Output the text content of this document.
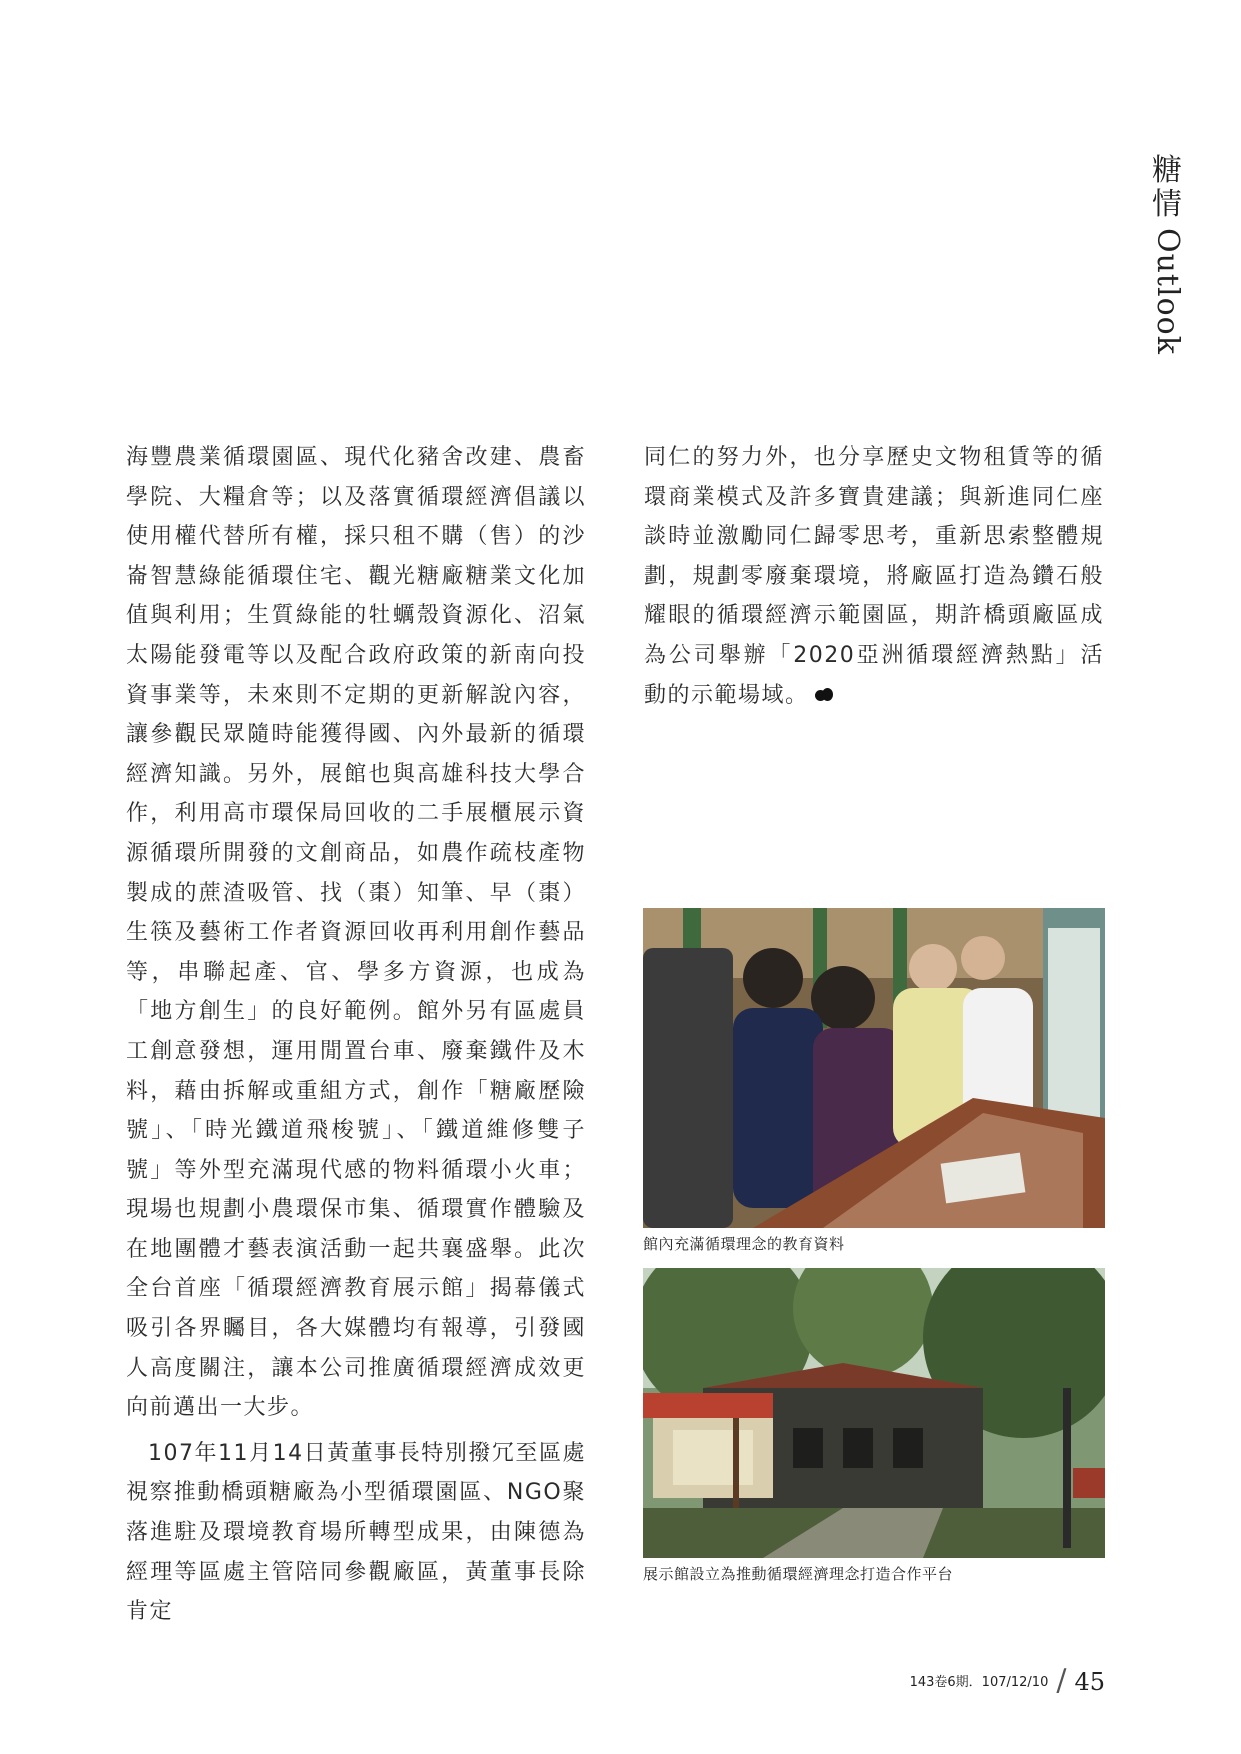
糖情
Outlook

海豐農業循環園區、現代化豬舍改建、農畜學院、大糧倉等；以及落實循環經濟倡議以使用權代替所有權，採只租不購（售）的沙崙智慧綠能循環住宅、觀光糖廠糖業文化加值與利用；生質綠能的牡蠣殼資源化、沼氣太陽能發電等以及配合政府政策的新南向投資事業等，未來則不定期的更新解說內容，讓參觀民眾隨時能獲得國、內外最新的循環經濟知識。另外，展館也與高雄科技大學合作，利用高市環保局回收的二手展櫃展示資源循環所開發的文創商品，如農作疏枝產物製成的蔗渣吸管、找（棗）知筆、早（棗）生筷及藝術工作者資源回收再利用創作藝品等，串聯起產、官、學多方資源，也成為「地方創生」的良好範例。館外另有區處員工創意發想，運用閒置台車、廢棄鐵件及木料，藉由拆解或重組方式，創作「糖廠歷險號」、「時光鐵道飛梭號」、「鐵道維修雙子號」等外型充滿現代感的物料循環小火車；現場也規劃小農環保市集、循環實作體驗及在地團體才藝表演活動一起共襄盛舉。此次全台首座「循環經濟教育展示館」揭幕儀式吸引各界矚目，各大媒體均有報導，引發國人高度關注，讓本公司推廣循環經濟成效更向前邁出一大步。

107年11月14日黃董事長特別撥冗至區處視察推動橋頭糖廠為小型循環園區、NGO聚落進駐及環境教育場所轉型成果，由陳德為經理等區處主管陪同參觀廠區，黃董事長除肯定

同仁的努力外，也分享歷史文物租賃等的循環商業模式及許多寶貴建議；與新進同仁座談時並激勵同仁歸零思考，重新思索整體規劃，規劃零廢棄環境，將廠區打造為鑽石般耀眼的循環經濟示範園區，期許橋頭廠區成為公司舉辦「2020亞洲循環經濟熱點」活動的示範場域。

館內充滿循環理念的教育資料
展示館設立為推動循環經濟理念打造合作平台
143卷6期．107/12/10 / 45
